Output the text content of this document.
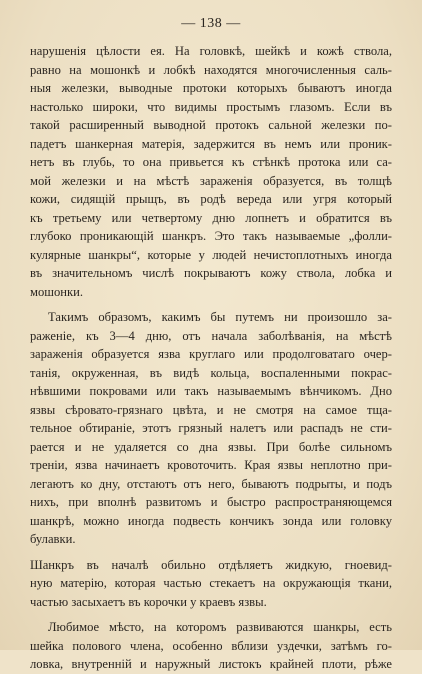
— 138 —
нарушенія цѣлости ея. На головкѣ, шейкѣ и кожѣ ствола,
равно на мошонкѣ и лобкѣ находятся многочисленныя саль-
ныя железки, выводные протоки которыхъ бываютъ иногда
настолько широки, что видимы простымъ глазомъ. Если въ
такой расширенный выводной протокъ сальной железки по-
падетъ шанкерная матерія, задержится въ немъ или проник-
нетъ въ глубь, то она привьется къ стѣнкѣ протока или са-
мой железки и на мѣстѣ зараженія образуется, въ толщѣ
кожи, сидящій прыщъ, въ родѣ вереда или угря который
къ третьему или четвертому дню лопнетъ и обратится въ
глубоко проникающій шанкръ. Это такъ называемые „фолли-
кулярные шанкры“, которые у людей нечистоплотныхъ иногда
въ значительномъ числѣ покрываютъ кожу ствола, лобка и
мошонки.
Такимъ образомъ, какимъ бы путемъ ни произошло за-
раженіе, къ 3—4 дню, отъ начала заболѣванія, на мѣстѣ
зараженія образуется язва круглаго или продолговатаго очер-
танія, окруженная, въ видѣ кольца, воспаленными покрас-
нѣвшими покровами или такъ называемымъ вѣнчикомъ. Дно
язвы сѣровато-грязнаго цвѣта, и не смотря на самое тща-
тельное обтираніе, этотъ грязный налетъ или распадъ не сти-
рается и не удаляется со дна язвы. При болѣе сильномъ
треніи, язва начинаетъ кровоточить. Края язвы неплотно при-
легаютъ ко дну, отстаютъ отъ него, бываютъ подрыты, и подъ
нихъ, при вполнѣ развитомъ и быстро распространяющемся
шанкрѣ, можно иногда подвесть кончикъ зонда или головку
булавки.
Шанкръ въ началѣ обильно отдѣляетъ жидкую, гноевид-
ную матерію, которая частью стекаетъ на окружающія ткани,
частью засыхаетъ въ корочки у краевъ язвы.
Любимое мѣсто, на которомъ развиваются шанкры, есть
шейка полового члена, особенно вблизи уздечки, затѣмъ го-
ловка, внутренній и наружный листокъ крайней плоти, рѣже
